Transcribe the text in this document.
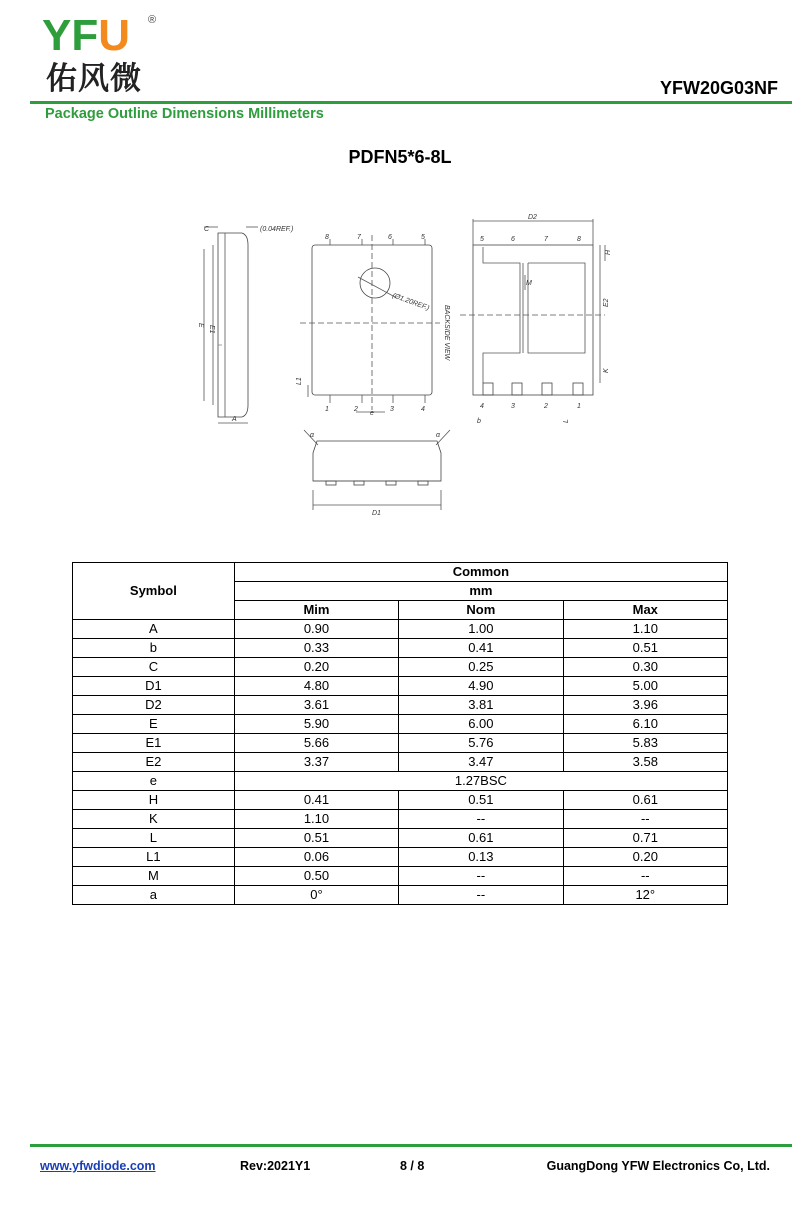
YFU ®
佑风微	YFW20G03NF
Package Outline Dimensions Millimeters
PDFN5*6-8L
C	(0.04REF.)
E1
E
A
8	7	6	5
1	2	3	4
(Ø1.20REF.)
BACKSIDE VIEW
L1
e
D2
H
M
E2
K
b	L
5	6	7	8
4	3	2	1
α	α
D1
Symbol	Common		
	mm		
	Mim	Nom	Max
A	0.90	1.00	1.10
b	0.33	0.41	0.51
C	0.20	0.25	0.30
D1	4.80	4.90	5.00
D2	3.61	3.81	3.96
E	5.90	6.00	6.10
E1	5.66	5.76	5.83
E2	3.37	3.47	3.58
e	1.27BSC		
H	0.41	0.51	0.61
K	1.10	--	--
L	0.51	0.61	0.71
L1	0.06	0.13	0.20
M	0.50	--	--
a	0°	--	12°
www.yfwdiode.com	Rev:2021Y1	8 / 8	GuangDong YFW Electronics Co, Ltd.
